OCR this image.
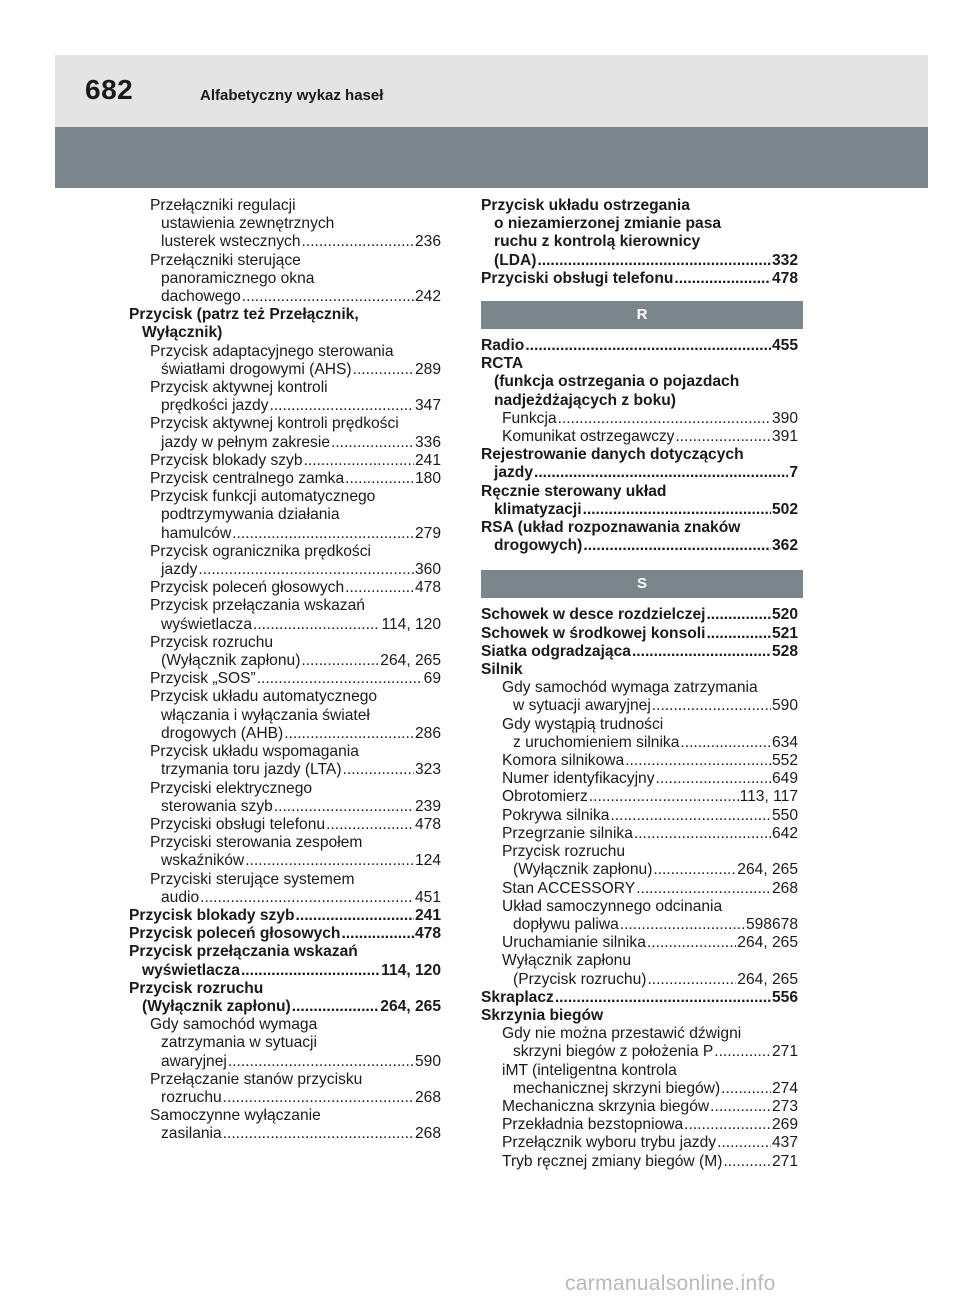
682	Alfabetyczny wykaz haseł
Przełączniki regulacji
ustawienia zewnętrznych
lusterek wstecznych .....	236
Przełączniki sterujące
panoramicznego okna
dachowego .....	242
Przycisk (patrz też Przełącznik,
Wyłącznik)
Przycisk adaptacyjnego sterowania
światłami drogowymi (AHS) .....	289
Przycisk aktywnej kontroli
prędkości jazdy .....	347
Przycisk aktywnej kontroli prędkości
jazdy w pełnym zakresie .....	336
Przycisk blokady szyb .....	241
Przycisk centralnego zamka .....	180
Przycisk funkcji automatycznego
podtrzymywania działania
hamulców .....	279
Przycisk ogranicznika prędkości
jazdy .....	360
Przycisk poleceń głosowych .....	478
Przycisk przełączania wskazań
wyświetlacza .....	114, 120
Przycisk rozruchu
(Wyłącznik zapłonu) .....	264, 265
Przycisk „SOS” .....	69
Przycisk układu automatycznego
włączania i wyłączania świateł
drogowych (AHB) .....	286
Przycisk układu wspomagania
trzymania toru jazdy (LTA) .....	323
Przyciski elektrycznego
sterowania szyb .....	239
Przyciski obsługi telefonu .....	478
Przyciski sterowania zespołem
wskaźników .....	124
Przyciski sterujące systemem
audio .....	451
Przycisk blokady szyb .....	241
Przycisk poleceń głosowych .....	478
Przycisk przełączania wskazań
wyświetlacza .....	114, 120
Przycisk rozruchu
(Wyłącznik zapłonu) .....	264, 265
Gdy samochód wymaga
zatrzymania w sytuacji
awaryjnej .....	590
Przełączanie stanów przycisku
rozruchu .....	268
Samoczynne wyłączanie
zasilania .....	268
Przycisk układu ostrzegania
o niezamierzonej zmianie pasa
ruchu z kontrolą kierownicy
(LDA) .....	332
Przyciski obsługi telefonu .....	478
R
Radio .....	455
RCTA
(funkcja ostrzegania o pojazdach
nadjeżdżających z boku)
Funkcja .....	390
Komunikat ostrzegawczy .....	391
Rejestrowanie danych dotyczących
jazdy .....	7
Ręcznie sterowany układ
klimatyzacji .....	502
RSA (układ rozpoznawania znaków
drogowych) .....	362
S
Schowek w desce rozdzielczej .....	520
Schowek w środkowej konsoli .....	521
Siatka odgradzająca .....	528
Silnik
Gdy samochód wymaga zatrzymania
w sytuacji awaryjnej .....	590
Gdy wystąpią trudności
z uruchomieniem silnika .....	634
Komora silnikowa .....	552
Numer identyfikacyjny .....	649
Obrotomierz .....	113, 117
Pokrywa silnika .....	550
Przegrzanie silnika .....	642
Przycisk rozruchu
(Wyłącznik zapłonu) .....	264, 265
Stan ACCESSORY .....	268
Układ samoczynnego odcinania
dopływu paliwa .....	598678
Uruchamianie silnika .....	264, 265
Wyłącznik zapłonu
(Przycisk rozruchu) .....	264, 265
Skraplacz .....	556
Skrzynia biegów
Gdy nie można przestawić dźwigni
skrzyni biegów z położenia P .....	271
iMT (inteligentna kontrola
mechanicznej skrzyni biegów) .....	274
Mechaniczna skrzynia biegów .....	273
Przekładnia bezstopniowa .....	269
Przełącznik wyboru trybu jazdy .....	437
Tryb ręcznej zmiany biegów (M) .....	271
carmanualsonline.info
